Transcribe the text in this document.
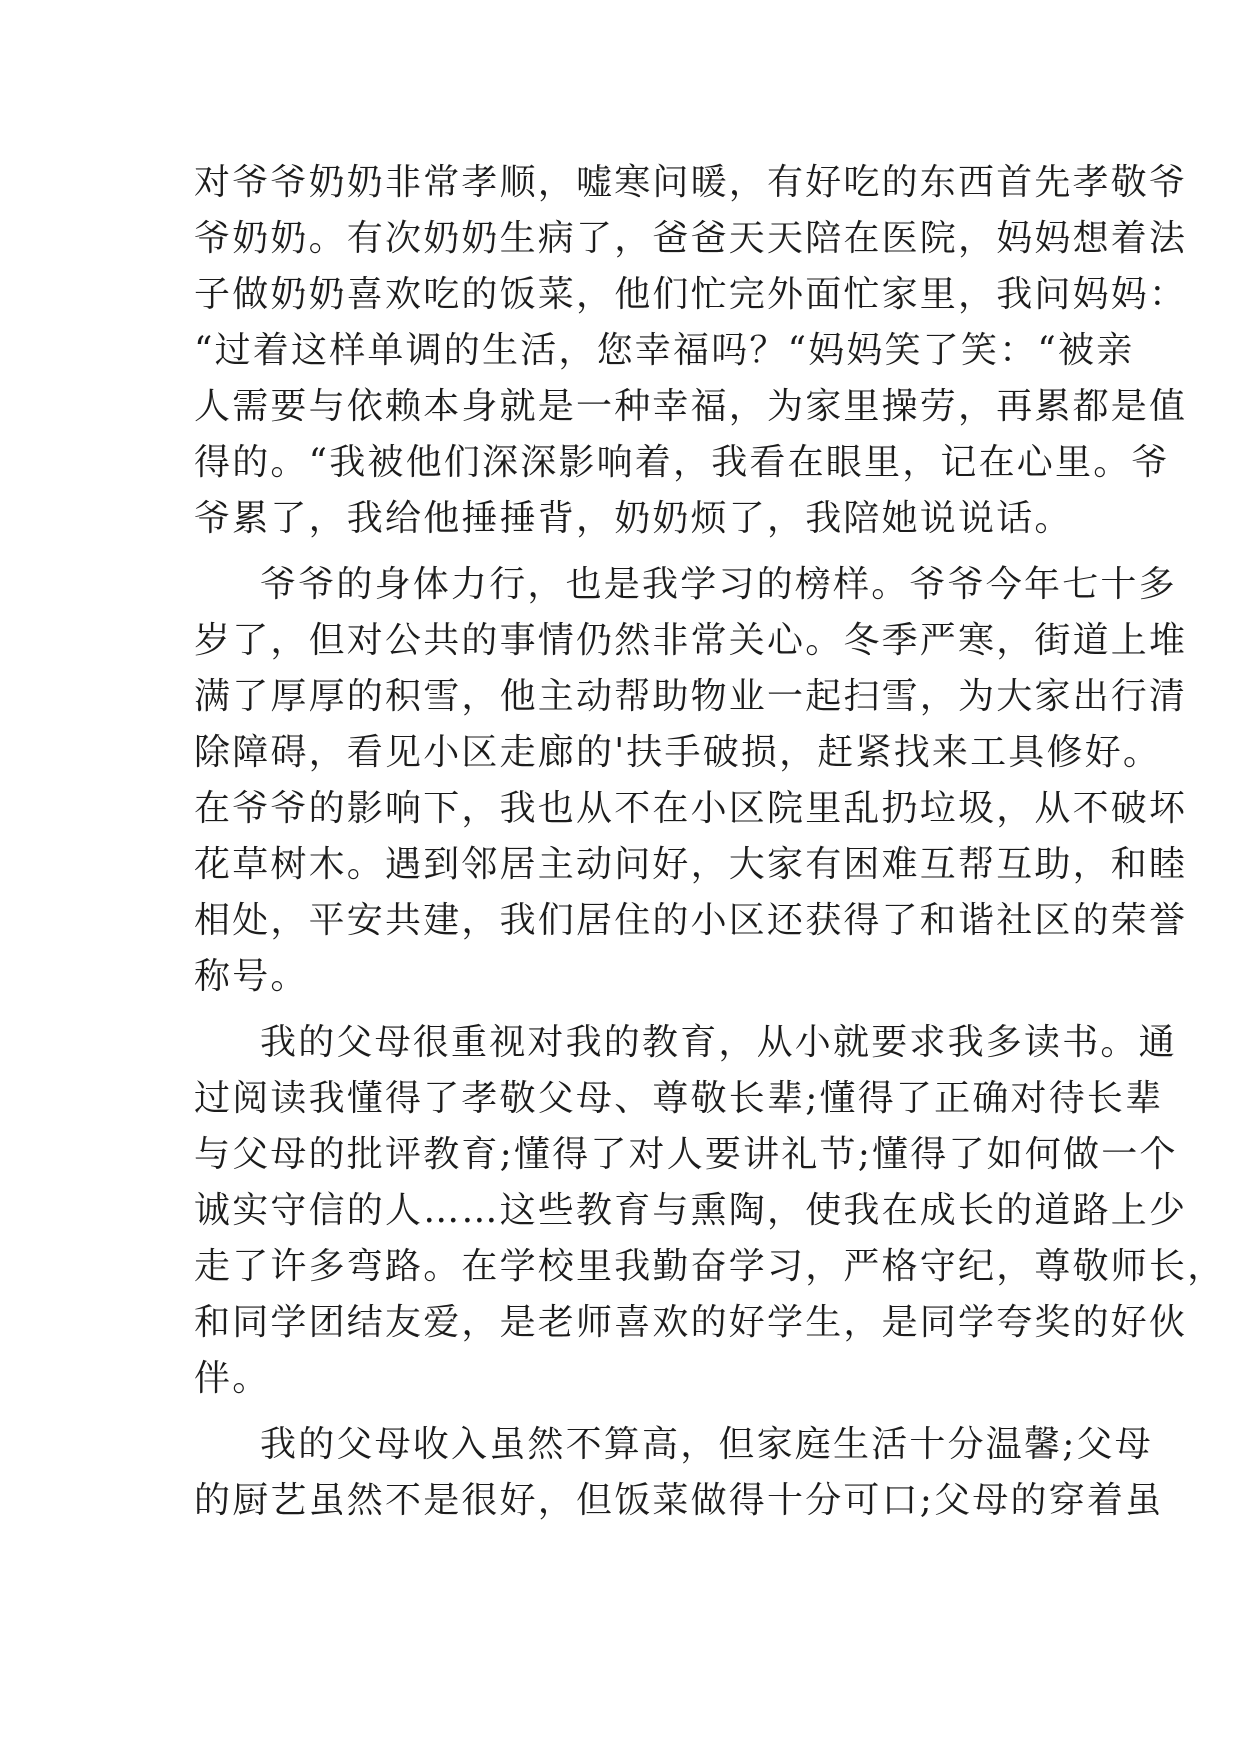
对爷爷奶奶非常孝顺，嘘寒问暖，有好吃的东西首先孝敬爷
爷奶奶。有次奶奶生病了，爸爸天天陪在医院，妈妈想着法
子做奶奶喜欢吃的饭菜，他们忙完外面忙家里，我问妈妈：
“过着这样单调的生活，您幸福吗？“妈妈笑了笑：“被亲
人需要与依赖本身就是一种幸福，为家里操劳，再累都是值
得的。“我被他们深深影响着，我看在眼里，记在心里。爷
爷累了，我给他捶捶背，奶奶烦了，我陪她说说话。
爷爷的身体力行，也是我学习的榜样。爷爷今年七十多
岁了，但对公共的事情仍然非常关心。冬季严寒，街道上堆
满了厚厚的积雪，他主动帮助物业一起扫雪，为大家出行清
除障碍，看见小区走廊的'扶手破损，赶紧找来工具修好。
在爷爷的影响下，我也从不在小区院里乱扔垃圾，从不破坏
花草树木。遇到邻居主动问好，大家有困难互帮互助，和睦
相处，平安共建，我们居住的小区还获得了和谐社区的荣誉
称号。
我的父母很重视对我的教育，从小就要求我多读书。通
过阅读我懂得了孝敬父母、尊敬长辈;懂得了正确对待长辈
与父母的批评教育;懂得了对人要讲礼节;懂得了如何做一个
诚实守信的人……这些教育与熏陶，使我在成长的道路上少
走了许多弯路。在学校里我勤奋学习，严格守纪，尊敬师长，
和同学团结友爱，是老师喜欢的好学生，是同学夸奖的好伙
伴。
我的父母收入虽然不算高，但家庭生活十分温馨;父母
的厨艺虽然不是很好，但饭菜做得十分可口;父母的穿着虽
